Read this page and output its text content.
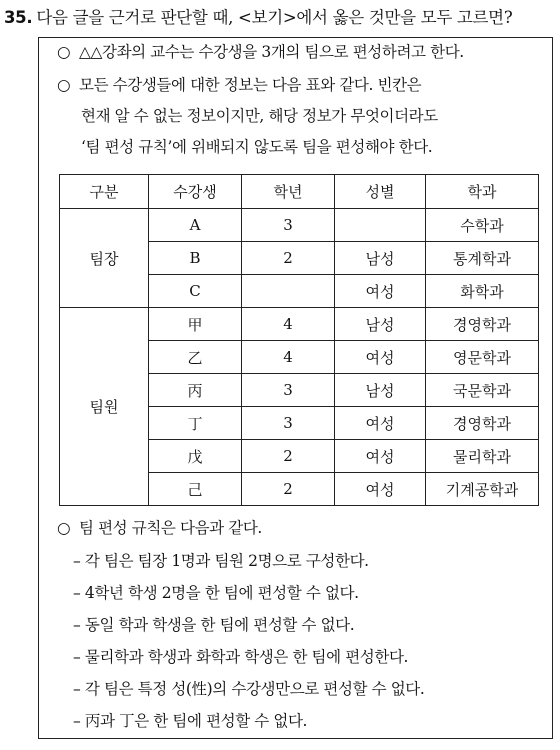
35. 다음 글을 근거로 판단할 때, <보기>에서 옳은 것만을 모두 고르면?
○ △△강좌의 교수는 수강생을 3개의 팀으로 편성하려고 한다.
○ 모든 수강생들에 대한 정보는 다음 표와 같다. 빈칸은
현재 알 수 없는 정보이지만, 해당 정보가 무엇이더라도
‘팀 편성 규칙’에 위배되지 않도록 팀을 편성해야 한다.
구분	수강생	학년	성별	학과
팀장	A	3		수학과
	B	2	남성	통계학과
	C		여성	화학과
팀원	甲	4	남성	경영학과
	乙	4	여성	영문학과
	丙	3	남성	국문학과
	丁	3	여성	경영학과
	戊	2	여성	물리학과
	己	2	여성	기계공학과
○ 팀 편성 규칙은 다음과 같다.
– 각 팀은 팀장 1명과 팀원 2명으로 구성한다.
– 4학년 학생 2명을 한 팀에 편성할 수 없다.
– 동일 학과 학생을 한 팀에 편성할 수 없다.
– 물리학과 학생과 화학과 학생은 한 팀에 편성한다.
– 각 팀은 특정 성(性)의 수강생만으로 편성할 수 없다.
– 丙과 丁은 한 팀에 편성할 수 없다.
